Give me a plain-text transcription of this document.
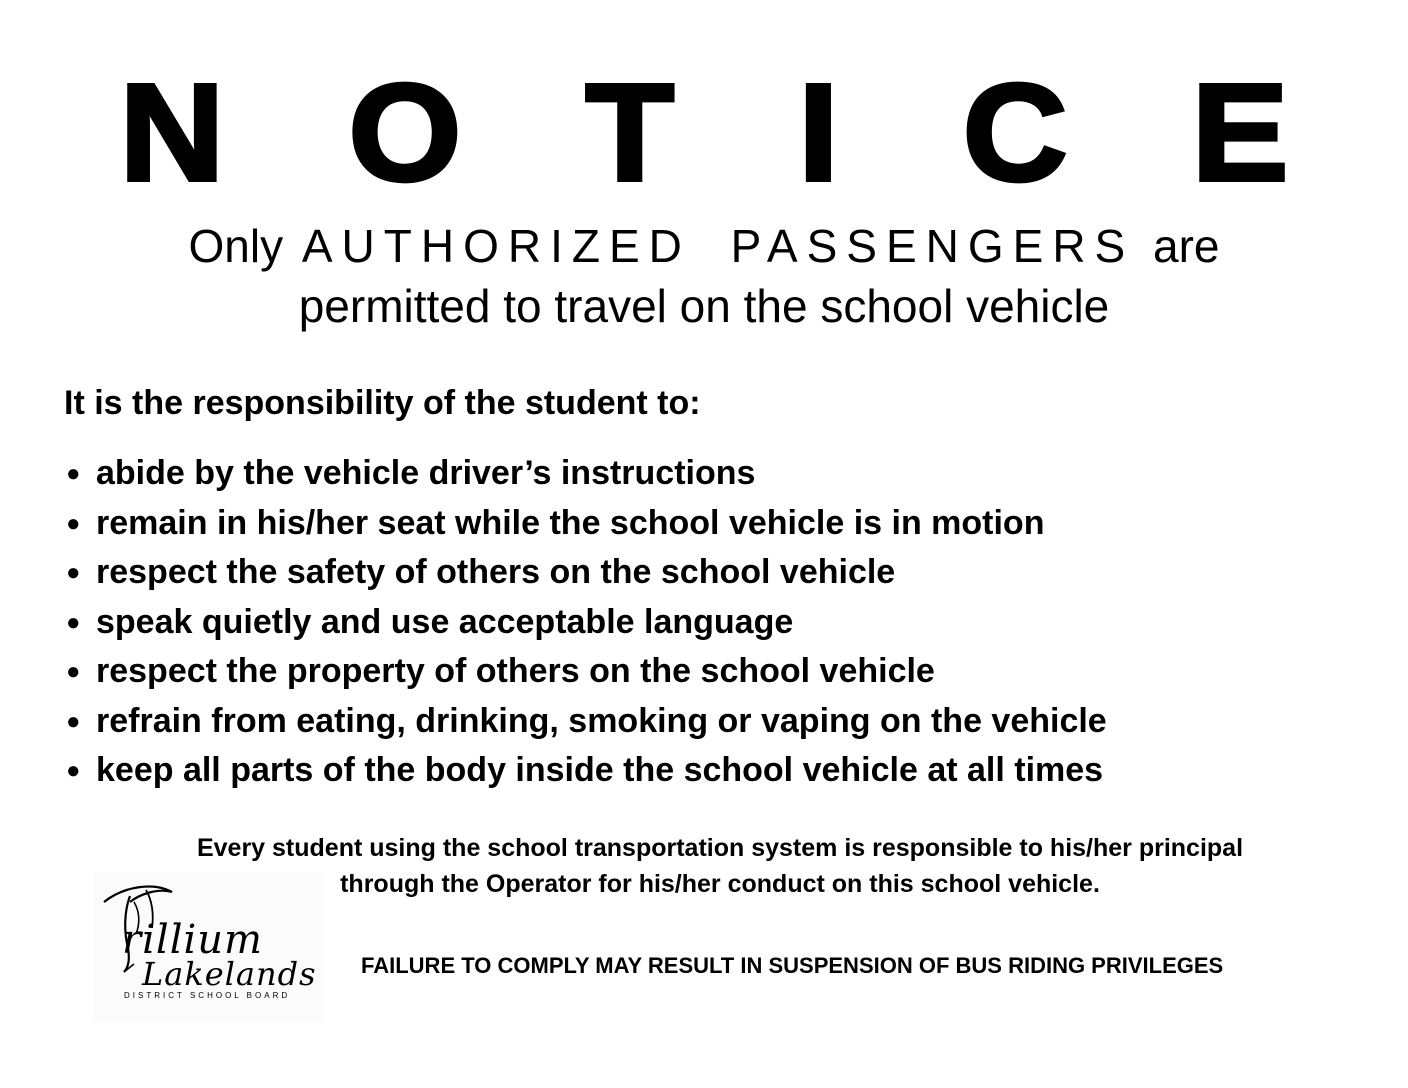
N O T I C E
Only AUTHORIZED PASSENGERS are
permitted to travel on the school vehicle
It is the responsibility of the student to:
● abide by the vehicle driver’s instructions
● remain in his/her seat while the school vehicle is in motion
● respect the safety of others on the school vehicle
● speak quietly and use acceptable language
● respect the property of others on the school vehicle
● refrain from eating, drinking, smoking or vaping on the vehicle
● keep all parts of the body inside the school vehicle at all times
Every student using the school transportation system is responsible to his/her principal
through the Operator for his/her conduct on this school vehicle.
rillium
Lakelands
DISTRICT SCHOOL BOARD
FAILURE TO COMPLY MAY RESULT IN SUSPENSION OF BUS RIDING PRIVILEGES
